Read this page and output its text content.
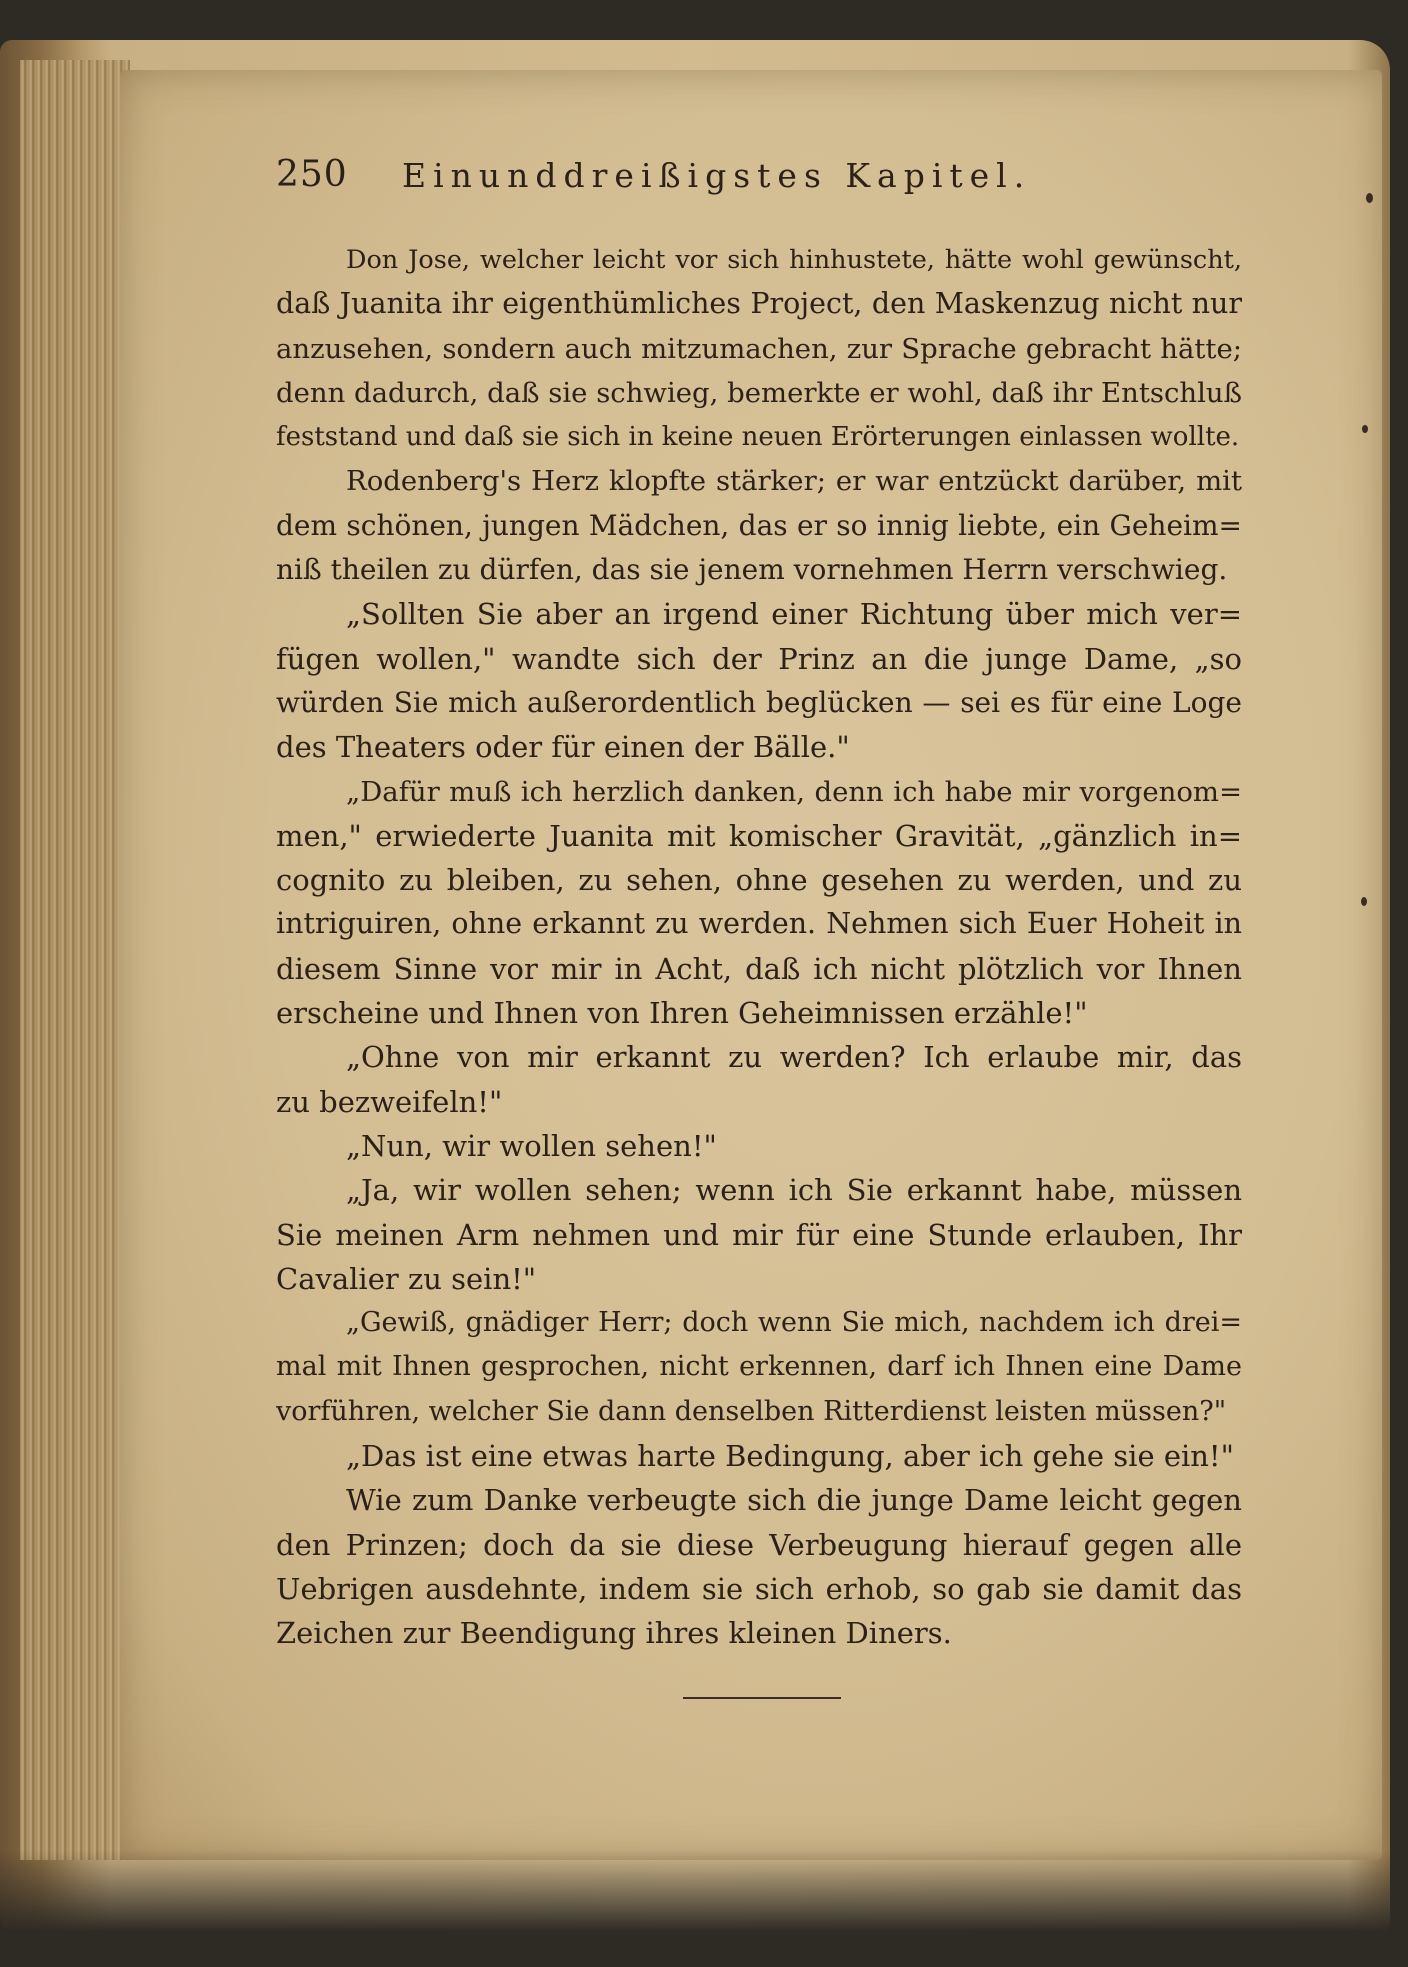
250 Einunddreißigstes Kapitel.
Don Jose, welcher leicht vor sich hinhustete, hätte wohl gewünscht,
daß Juanita ihr eigenthümliches Project, den Maskenzug nicht nur
anzusehen, sondern auch mitzumachen, zur Sprache gebracht hätte;
denn dadurch, daß sie schwieg, bemerkte er wohl, daß ihr Entschluß
feststand und daß sie sich in keine neuen Erörterungen einlassen wollte.
Rodenberg's Herz klopfte stärker; er war entzückt darüber, mit
dem schönen, jungen Mädchen, das er so innig liebte, ein Geheim=
niß theilen zu dürfen, das sie jenem vornehmen Herrn verschwieg.
„Sollten Sie aber an irgend einer Richtung über mich ver=
fügen wollen," wandte sich der Prinz an die junge Dame, „so
würden Sie mich außerordentlich beglücken — sei es für eine Loge
des Theaters oder für einen der Bälle."
„Dafür muß ich herzlich danken, denn ich habe mir vorgenom=
men," erwiederte Juanita mit komischer Gravität, „gänzlich in=
cognito zu bleiben, zu sehen, ohne gesehen zu werden, und zu
intriguiren, ohne erkannt zu werden. Nehmen sich Euer Hoheit in
diesem Sinne vor mir in Acht, daß ich nicht plötzlich vor Ihnen
erscheine und Ihnen von Ihren Geheimnissen erzähle!"
„Ohne von mir erkannt zu werden? Ich erlaube mir, das
zu bezweifeln!"
„Nun, wir wollen sehen!"
„Ja, wir wollen sehen; wenn ich Sie erkannt habe, müssen
Sie meinen Arm nehmen und mir für eine Stunde erlauben, Ihr
Cavalier zu sein!"
„Gewiß, gnädiger Herr; doch wenn Sie mich, nachdem ich drei=
mal mit Ihnen gesprochen, nicht erkennen, darf ich Ihnen eine Dame
vorführen, welcher Sie dann denselben Ritterdienst leisten müssen?"
„Das ist eine etwas harte Bedingung, aber ich gehe sie ein!"
Wie zum Danke verbeugte sich die junge Dame leicht gegen
den Prinzen; doch da sie diese Verbeugung hierauf gegen alle
Uebrigen ausdehnte, indem sie sich erhob, so gab sie damit das
Zeichen zur Beendigung ihres kleinen Diners.
